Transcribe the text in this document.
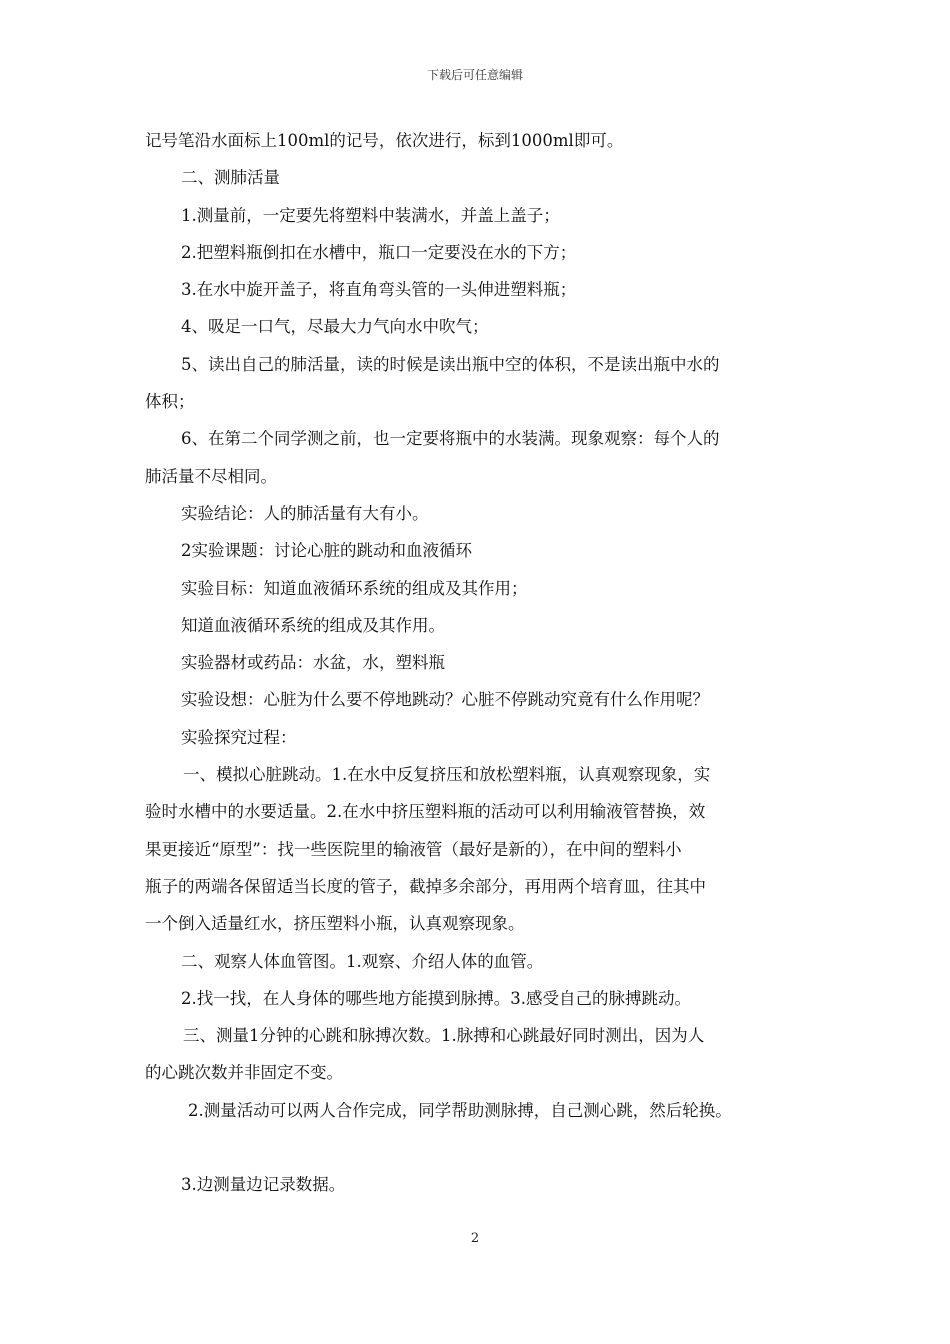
下载后可任意编辑
记号笔沿水面标上100ml的记号，依次进行，标到1000ml即可。
二、测肺活量
1.测量前，一定要先将塑料中装满水，并盖上盖子；
2.把塑料瓶倒扣在水槽中，瓶口一定要没在水的下方；
3.在水中旋开盖子，将直角弯头管的一头伸进塑料瓶；
4、吸足一口气，尽最大力气向水中吹气；
5、读出自己的肺活量，读的时候是读出瓶中空的体积，不是读出瓶中水的
体积；
6、在第二个同学测之前，也一定要将瓶中的水装满。现象观察：每个人的
肺活量不尽相同。
实验结论：人的肺活量有大有小。
2实验课题：讨论心脏的跳动和血液循环
实验目标：知道血液循环系统的组成及其作用；
知道血液循环系统的组成及其作用。
实验器材或药品：水盆，水，塑料瓶
实验设想：心脏为什么要不停地跳动？心脏不停跳动究竟有什么作用呢？
实验探究过程：
一、模拟心脏跳动。1.在水中反复挤压和放松塑料瓶，认真观察现象，实
验时水槽中的水要适量。2.在水中挤压塑料瓶的活动可以利用输液管替换，效
果更接近“原型”：找一些医院里的输液管（最好是新的），在中间的塑料小
瓶子的两端各保留适当长度的管子，截掉多余部分，再用两个培育皿，往其中
一个倒入适量红水，挤压塑料小瓶，认真观察现象。
二、观察人体血管图。1.观察、介绍人体的血管。
2.找一找，在人身体的哪些地方能摸到脉搏。3.感受自己的脉搏跳动。
三、测量1分钟的心跳和脉搏次数。1.脉搏和心跳最好同时测出，因为人
的心跳次数并非固定不变。
2.测量活动可以两人合作完成，同学帮助测脉搏，自己测心跳，然后轮换。
3.边测量边记录数据。
2
